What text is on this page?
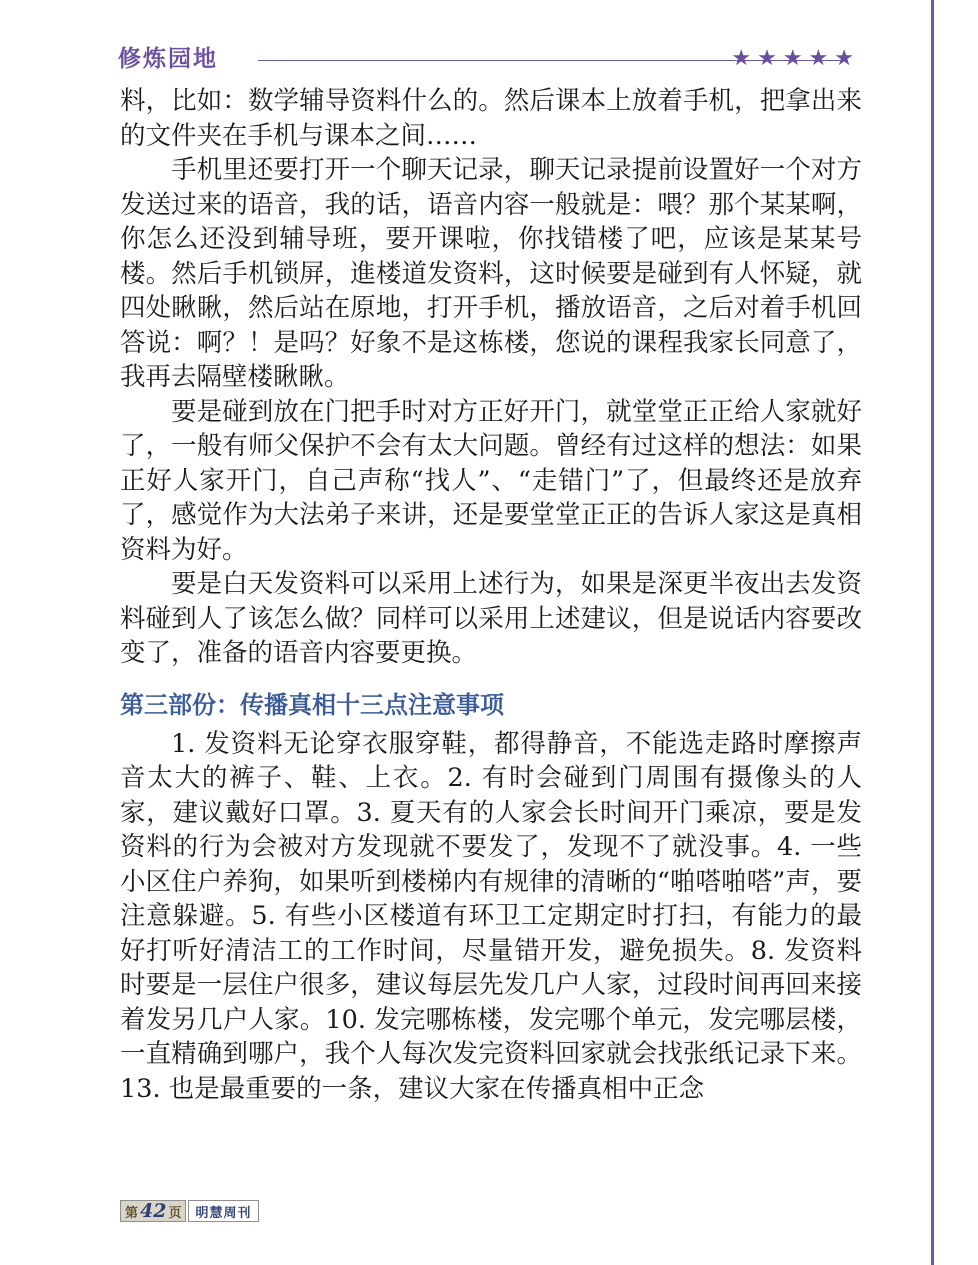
修炼园地	★★★★★

料，比如：数学辅导资料什么的。然后课本上放着手机，把拿出来的文件夹在手机与课本之间……

手机里还要打开一个聊天记录，聊天记录提前设置好一个对方发送过来的语音，我的话，语音内容一般就是：喂？那个某某啊，你怎么还没到辅导班，要开课啦，你找错楼了吧，应该是某某号楼。然后手机锁屏，進楼道发资料，这时候要是碰到有人怀疑，就四处瞅瞅，然后站在原地，打开手机，播放语音，之后对着手机回答说：啊？！是吗？好象不是这栋楼，您说的课程我家长同意了，我再去隔壁楼瞅瞅。

要是碰到放在门把手时对方正好开门，就堂堂正正给人家就好了，一般有师父保护不会有太大问题。曾经有过这样的想法：如果正好人家开门，自己声称“找人”、“走错门”了，但最终还是放弃了，感觉作为大法弟子来讲，还是要堂堂正正的告诉人家这是真相资料为好。

要是白天发资料可以采用上述行为，如果是深更半夜出去发资料碰到人了该怎么做？同样可以采用上述建议，但是说话内容要改变了，准备的语音内容要更换。

第三部份：传播真相十三点注意事项

1. 发资料无论穿衣服穿鞋，都得静音，不能选走路时摩擦声音太大的裤子、鞋、上衣。2. 有时会碰到门周围有摄像头的人家，建议戴好口罩。3. 夏天有的人家会长时间开门乘凉，要是发资料的行为会被对方发现就不要发了，发现不了就没事。4. 一些小区住户养狗，如果听到楼梯内有规律的清晰的“啪嗒啪嗒”声，要注意躲避。5. 有些小区楼道有环卫工定期定时打扫，有能力的最好打听好清洁工的工作时间，尽量错开发，避免损失。8. 发资料时要是一层住户很多，建议每层先发几户人家，过段时间再回来接着发另几户人家。10. 发完哪栋楼，发完哪个单元，发完哪层楼，一直精确到哪户，我个人每次发完资料回家就会找张纸记录下来。13. 也是最重要的一条，建议大家在传播真相中正念

第 42 页	明慧周刊
